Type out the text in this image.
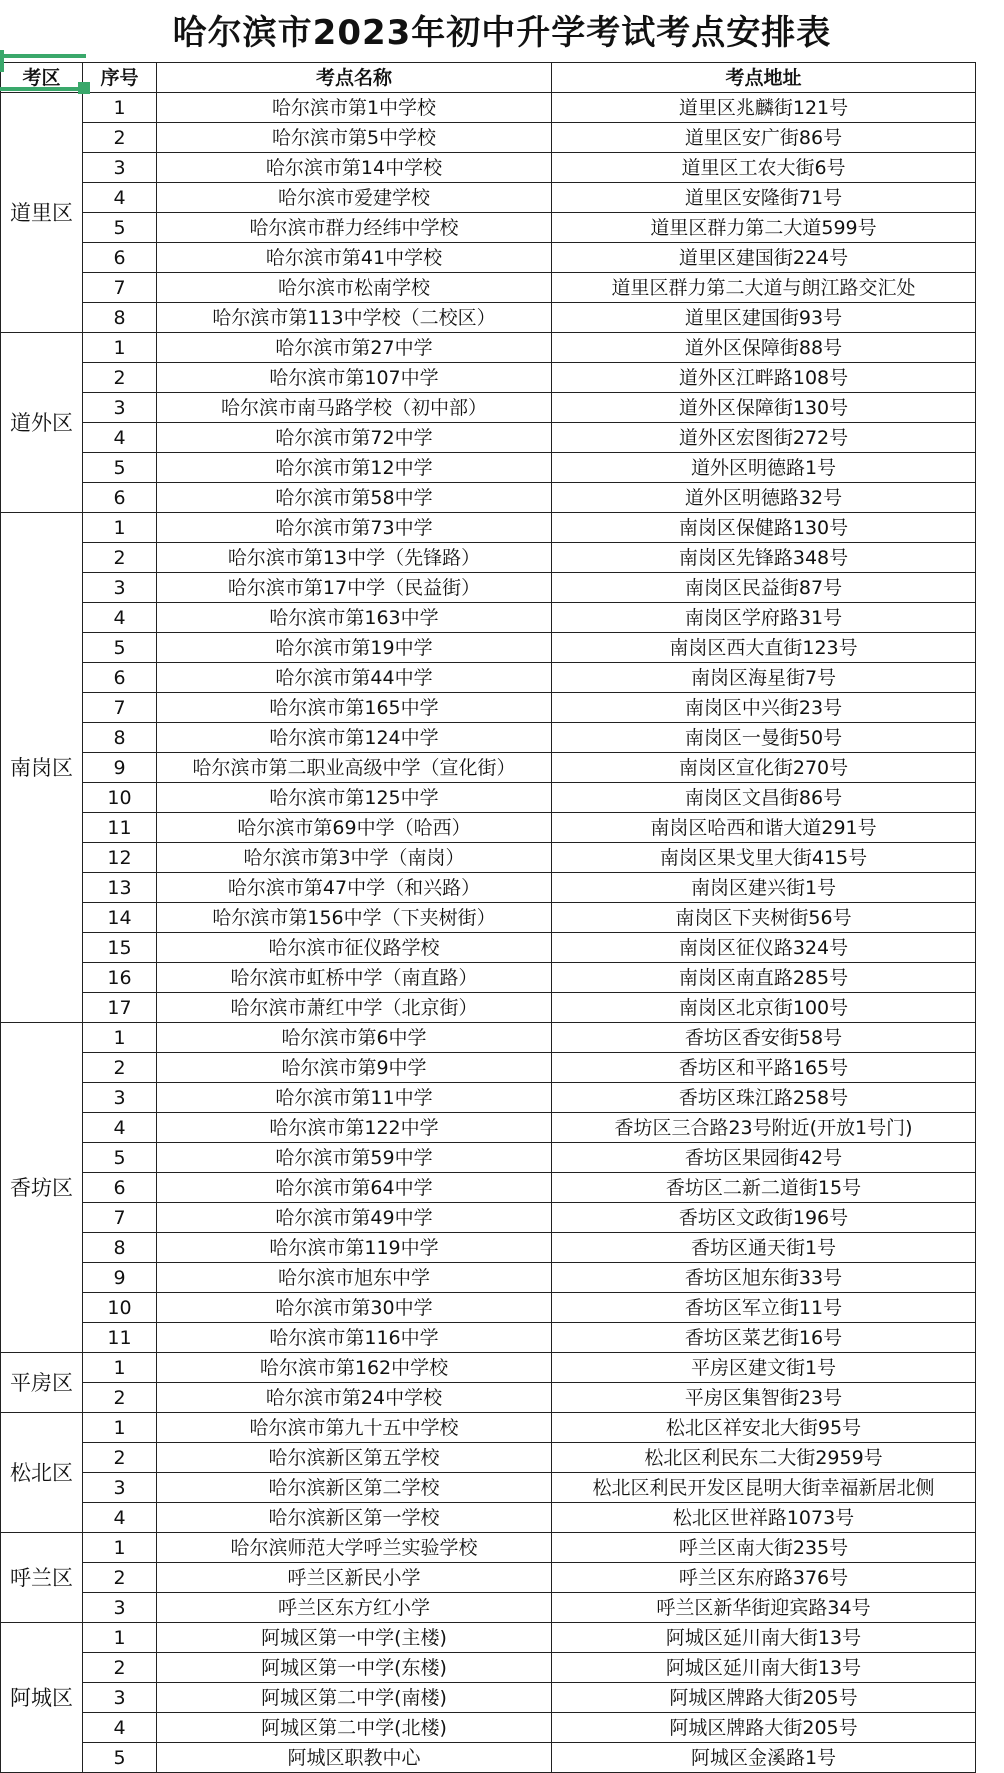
哈尔滨市2023年初中升学考试考点安排表
考区	序号	考点名称	考点地址
道里区	1	哈尔滨市第1中学校	道里区兆麟街121号
	2	哈尔滨市第5中学校	道里区安广街86号
	3	哈尔滨市第14中学校	道里区工农大街6号
	4	哈尔滨市爱建学校	道里区安隆街71号
	5	哈尔滨市群力经纬中学校	道里区群力第二大道599号
	6	哈尔滨市第41中学校	道里区建国街224号
	7	哈尔滨市松南学校	道里区群力第二大道与朗江路交汇处
	8	哈尔滨市第113中学校（二校区）	道里区建国街93号
道外区	1	哈尔滨市第27中学	道外区保障街88号
	2	哈尔滨市第107中学	道外区江畔路108号
	3	哈尔滨市南马路学校（初中部）	道外区保障街130号
	4	哈尔滨市第72中学	道外区宏图街272号
	5	哈尔滨市第12中学	道外区明德路1号
	6	哈尔滨市第58中学	道外区明德路32号
南岗区	1	哈尔滨市第73中学	南岗区保健路130号
	2	哈尔滨市第13中学（先锋路）	南岗区先锋路348号
	3	哈尔滨市第17中学（民益街）	南岗区民益街87号
	4	哈尔滨市第163中学	南岗区学府路31号
	5	哈尔滨市第19中学	南岗区西大直街123号
	6	哈尔滨市第44中学	南岗区海星街7号
	7	哈尔滨市第165中学	南岗区中兴街23号
	8	哈尔滨市第124中学	南岗区一曼街50号
	9	哈尔滨市第二职业高级中学（宣化街）	南岗区宣化街270号
	10	哈尔滨市第125中学	南岗区文昌街86号
	11	哈尔滨市第69中学（哈西）	南岗区哈西和谐大道291号
	12	哈尔滨市第3中学（南岗）	南岗区果戈里大街415号
	13	哈尔滨市第47中学（和兴路）	南岗区建兴街1号
	14	哈尔滨市第156中学（下夹树街）	南岗区下夹树街56号
	15	哈尔滨市征仪路学校	南岗区征仪路324号
	16	哈尔滨市虹桥中学（南直路）	南岗区南直路285号
	17	哈尔滨市萧红中学（北京街）	南岗区北京街100号
香坊区	1	哈尔滨市第6中学	香坊区香安街58号
	2	哈尔滨市第9中学	香坊区和平路165号
	3	哈尔滨市第11中学	香坊区珠江路258号
	4	哈尔滨市第122中学	香坊区三合路23号附近(开放1号门)
	5	哈尔滨市第59中学	香坊区果园街42号
	6	哈尔滨市第64中学	香坊区二新二道街15号
	7	哈尔滨市第49中学	香坊区文政街196号
	8	哈尔滨市第119中学	香坊区通天街1号
	9	哈尔滨市旭东中学	香坊区旭东街33号
	10	哈尔滨市第30中学	香坊区军立街11号
	11	哈尔滨市第116中学	香坊区菜艺街16号
平房区	1	哈尔滨市第162中学校	平房区建文街1号
	2	哈尔滨市第24中学校	平房区集智街23号
松北区	1	哈尔滨市第九十五中学校	松北区祥安北大街95号
	2	哈尔滨新区第五学校	松北区利民东二大街2959号
	3	哈尔滨新区第二学校	松北区利民开发区昆明大街幸福新居北侧
	4	哈尔滨新区第一学校	松北区世祥路1073号
呼兰区	1	哈尔滨师范大学呼兰实验学校	呼兰区南大街235号
	2	呼兰区新民小学	呼兰区东府路376号
	3	呼兰区东方红小学	呼兰区新华街迎宾路34号
阿城区	1	阿城区第一中学(主楼)	阿城区延川南大街13号
	2	阿城区第一中学(东楼)	阿城区延川南大街13号
	3	阿城区第二中学(南楼)	阿城区牌路大街205号
	4	阿城区第二中学(北楼)	阿城区牌路大街205号
	5	阿城区职教中心	阿城区金溪路1号
